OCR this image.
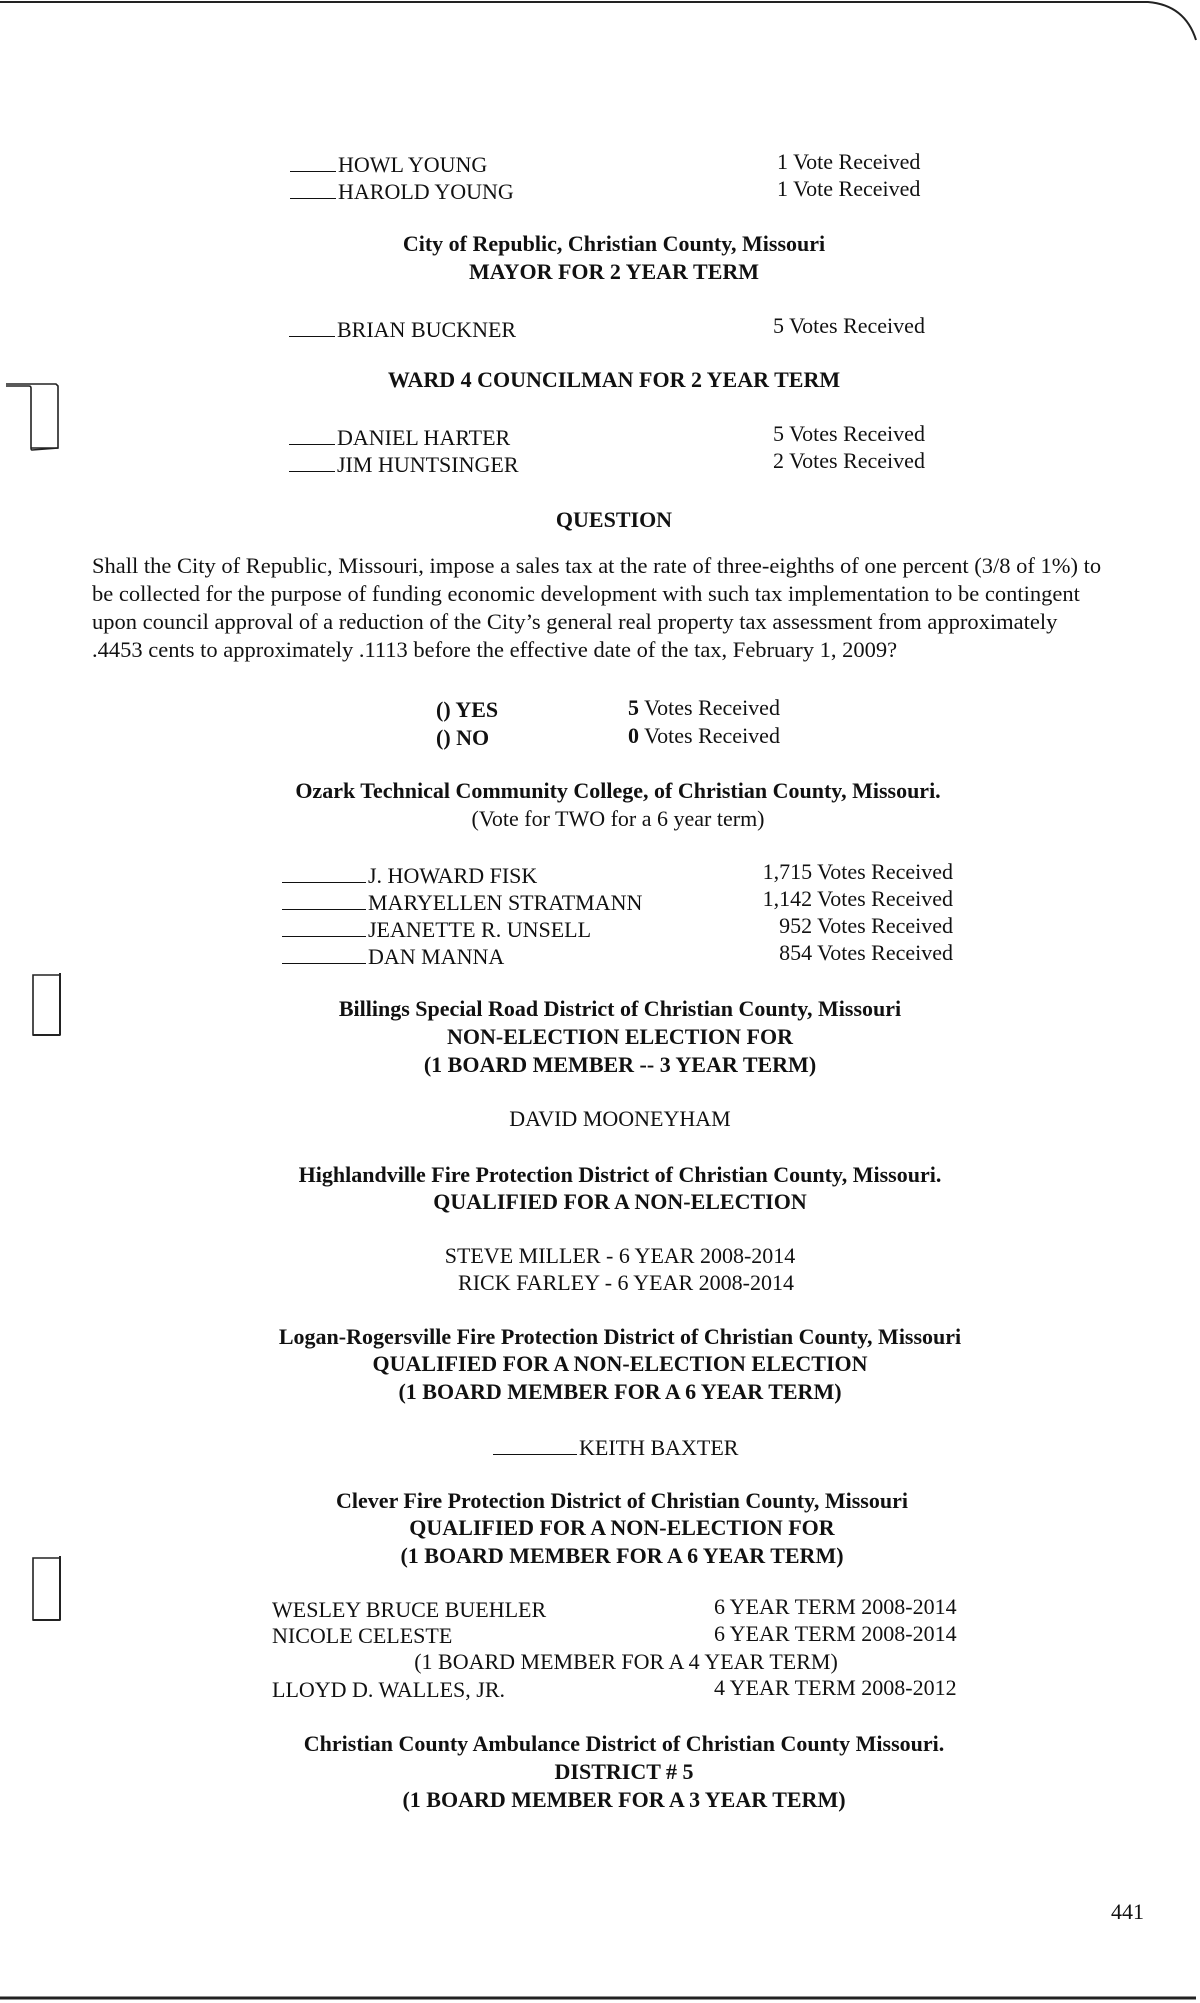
HOWL YOUNG	1 Vote Received
HAROLD YOUNG	1 Vote Received
City of Republic, Christian County, Missouri
MAYOR FOR 2 YEAR TERM
BRIAN BUCKNER	5 Votes Received
WARD 4 COUNCILMAN FOR 2 YEAR TERM
DANIEL HARTER	5 Votes Received
JIM HUNTSINGER	2 Votes Received
QUESTION
Shall the City of Republic, Missouri, impose a sales tax at the rate of three-eighths of one percent (3/8 of 1%) to be collected for the purpose of funding economic development with such tax implementation to be contingent upon council approval of a reduction of the City’s general real property tax assessment from approximately .4453 cents to approximately .1113 before the effective date of the tax, February 1, 2009?
() YES	5 Votes Received
() NO	0 Votes Received
Ozark Technical Community College, of Christian County, Missouri.
(Vote for TWO for a 6 year term)
J. HOWARD FISK	1,715 Votes Received
MARYELLEN STRATMANN	1,142 Votes Received
JEANETTE R. UNSELL	952 Votes Received
DAN MANNA	854 Votes Received
Billings Special Road District of Christian County, Missouri
NON-ELECTION ELECTION FOR
(1 BOARD MEMBER -- 3 YEAR TERM)
DAVID MOONEYHAM
Highlandville Fire Protection District of Christian County, Missouri.
QUALIFIED FOR A NON-ELECTION
STEVE MILLER - 6 YEAR 2008-2014
RICK FARLEY - 6 YEAR 2008-2014
Logan-Rogersville Fire Protection District of Christian County, Missouri
QUALIFIED FOR A NON-ELECTION ELECTION
(1 BOARD MEMBER FOR A 6 YEAR TERM)
KEITH BAXTER
Clever Fire Protection District of Christian County, Missouri
QUALIFIED FOR A NON-ELECTION FOR
(1 BOARD MEMBER FOR A 6 YEAR TERM)
WESLEY BRUCE BUEHLER	6 YEAR TERM 2008-2014
NICOLE CELESTE	6 YEAR TERM 2008-2014
(1 BOARD MEMBER FOR A 4 YEAR TERM)
LLOYD D. WALLES, JR.	4 YEAR TERM 2008-2012
Christian County Ambulance District of Christian County Missouri.
DISTRICT # 5
(1 BOARD MEMBER FOR A 3 YEAR TERM)
441
